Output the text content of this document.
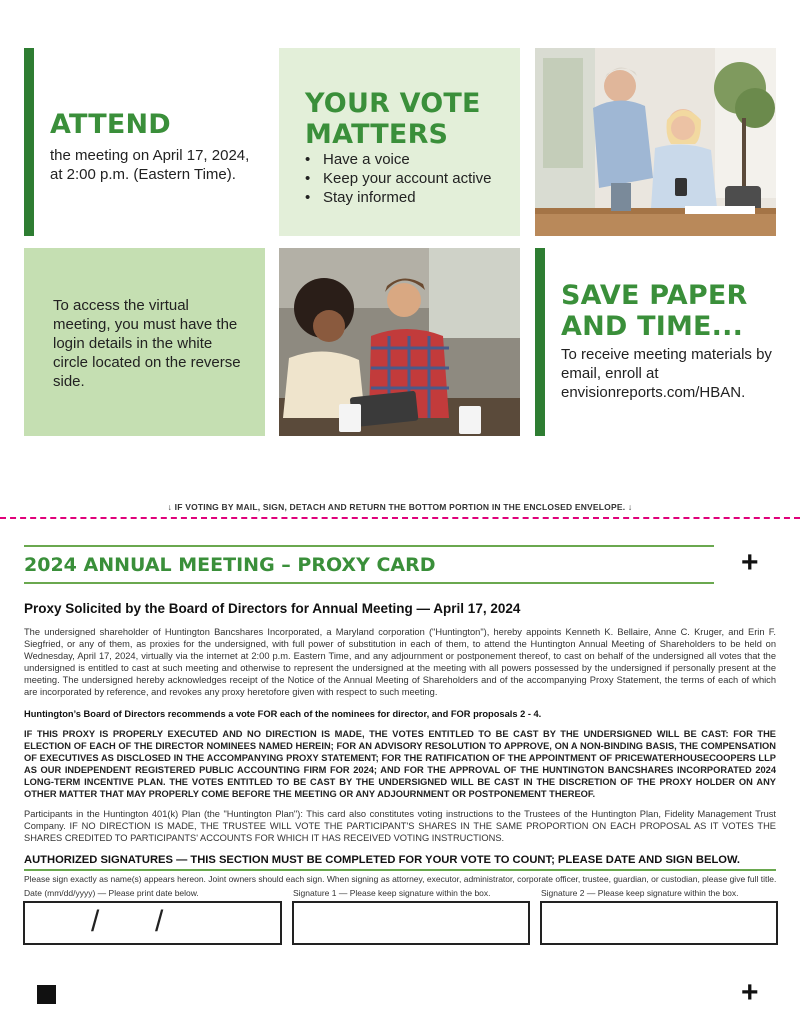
ATTEND
the meeting on April 17, 2024, at 2:00 p.m. (Eastern Time).
YOUR VOTE
MATTERS
• Have a voice
• Keep your account active
• Stay informed
To access the virtual meeting, you must have the login details in the white circle located on the reverse side.
SAVE PAPER
AND TIME...
To receive meeting materials by email, enroll at envisionreports.com/HBAN.
↓ IF VOTING BY MAIL, SIGN, DETACH AND RETURN THE BOTTOM PORTION IN THE ENCLOSED ENVELOPE. ↓
2024 ANNUAL MEETING – PROXY CARD	+
Proxy Solicited by the Board of Directors for Annual Meeting — April 17, 2024
The undersigned shareholder of Huntington Bancshares Incorporated, a Maryland corporation ("Huntington"), hereby appoints Kenneth K. Bellaire, Anne C. Kruger, and Erin F. Siegfried, or any of them, as proxies for the undersigned, with full power of substitution in each of them, to attend the Huntington Annual Meeting of Shareholders to be held on Wednesday, April 17, 2024, virtually via the internet at 2:00 p.m. Eastern Time, and any adjournment or postponement thereof, to cast on behalf of the undersigned all votes that the undersigned is entitled to cast at such meeting and otherwise to represent the undersigned at the meeting with all powers possessed by the undersigned if personally present at the meeting. The undersigned hereby acknowledges receipt of the Notice of the Annual Meeting of Shareholders and of the accompanying Proxy Statement, the terms of each of which are incorporated by reference, and revokes any proxy heretofore given with respect to such meeting.
Huntington’s Board of Directors recommends a vote FOR each of the nominees for director, and FOR proposals 2 - 4.
IF THIS PROXY IS PROPERLY EXECUTED AND NO DIRECTION IS MADE, THE VOTES ENTITLED TO BE CAST BY THE UNDERSIGNED WILL BE CAST: FOR THE ELECTION OF EACH OF THE DIRECTOR NOMINEES NAMED HEREIN; FOR AN ADVISORY RESOLUTION TO APPROVE, ON A NON-BINDING BASIS, THE COMPENSATION OF EXECUTIVES AS DISCLOSED IN THE ACCOMPANYING PROXY STATEMENT; FOR THE RATIFICATION OF THE APPOINTMENT OF PRICEWATERHOUSECOOPERS LLP AS OUR INDEPENDENT REGISTERED PUBLIC ACCOUNTING FIRM FOR 2024; AND FOR THE APPROVAL OF THE HUNTINGTON BANCSHARES INCORPORATED 2024 LONG-TERM INCENTIVE PLAN. THE VOTES ENTITLED TO BE CAST BY THE UNDERSIGNED WILL BE CAST IN THE DISCRETION OF THE PROXY HOLDER ON ANY OTHER MATTER THAT MAY PROPERLY COME BEFORE THE MEETING OR ANY ADJOURNMENT OR POSTPONEMENT THEREOF.
Participants in the Huntington 401(k) Plan (the "Huntington Plan"): This card also constitutes voting instructions to the Trustees of the Huntington Plan, Fidelity Management Trust Company. IF NO DIRECTION IS MADE, THE TRUSTEE WILL VOTE THE PARTICIPANT'S SHARES IN THE SAME PROPORTION ON EACH PROPOSAL AS IT VOTES THE SHARES CREDITED TO PARTICIPANTS' ACCOUNTS FOR WHICH IT HAS RECEIVED VOTING INSTRUCTIONS.
AUTHORIZED SIGNATURES — THIS SECTION MUST BE COMPLETED FOR YOUR VOTE TO COUNT; PLEASE DATE AND SIGN BELOW.
Please sign exactly as name(s) appears hereon. Joint owners should each sign. When signing as attorney, executor, administrator, corporate officer, trustee, guardian, or custodian, please give full title.
Date (mm/dd/yyyy) — Please print date below.	Signature 1 — Please keep signature within the box.	Signature 2 — Please keep signature within the box.
/ /
+
